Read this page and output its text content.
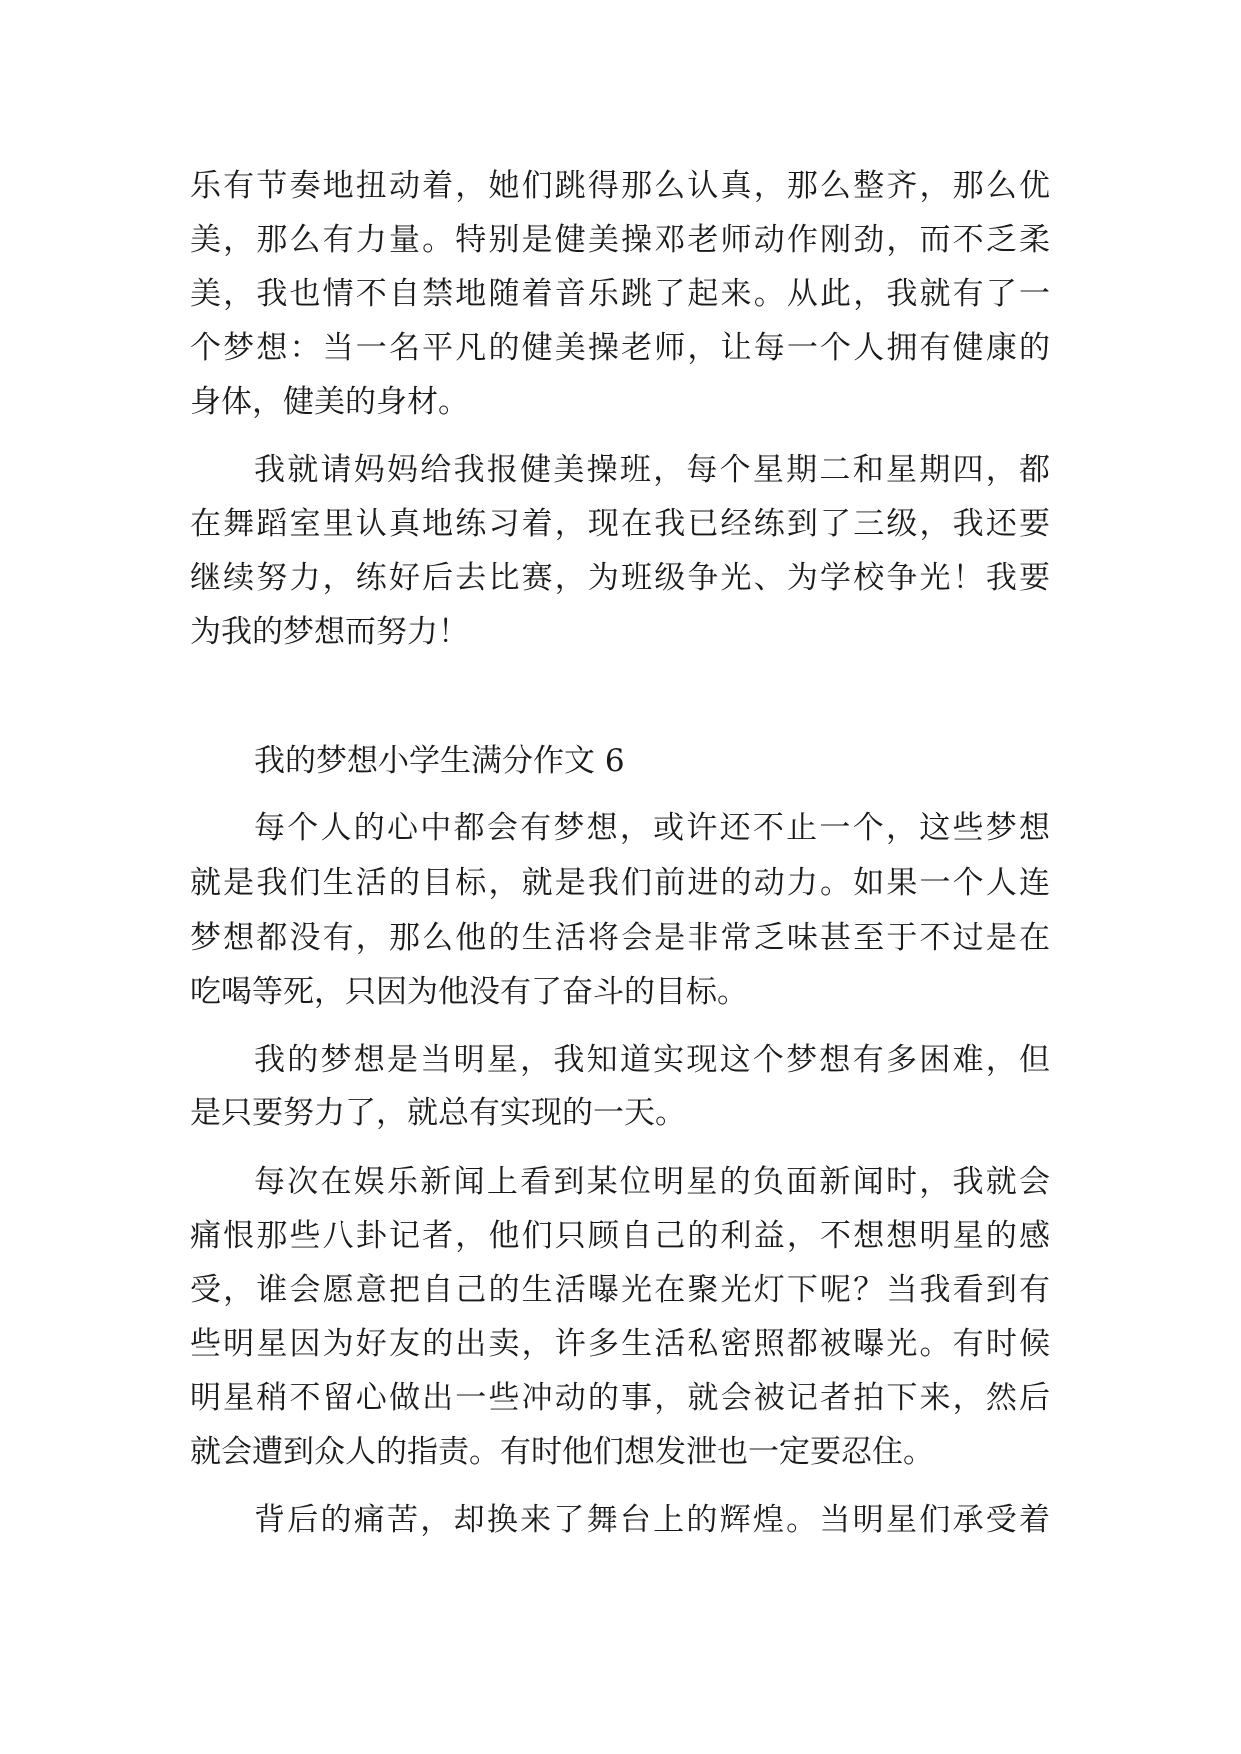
乐有节奏地扭动着，她们跳得那么认真，那么整齐，那么优
美，那么有力量。特别是健美操邓老师动作刚劲，而不乏柔
美，我也情不自禁地随着音乐跳了起来。从此，我就有了一
个梦想：当一名平凡的健美操老师，让每一个人拥有健康的
身体，健美的身材。
我就请妈妈给我报健美操班，每个星期二和星期四，都
在舞蹈室里认真地练习着，现在我已经练到了三级，我还要
继续努力，练好后去比赛，为班级争光、为学校争光！我要
为我的梦想而努力！
我的梦想小学生满分作文 6
每个人的心中都会有梦想，或许还不止一个，这些梦想
就是我们生活的目标，就是我们前进的动力。如果一个人连
梦想都没有，那么他的生活将会是非常乏味甚至于不过是在
吃喝等死，只因为他没有了奋斗的目标。
我的梦想是当明星，我知道实现这个梦想有多困难，但
是只要努力了，就总有实现的一天。
每次在娱乐新闻上看到某位明星的负面新闻时，我就会
痛恨那些八卦记者，他们只顾自己的利益，不想想明星的感
受，谁会愿意把自己的生活曝光在聚光灯下呢？当我看到有
些明星因为好友的出卖，许多生活私密照都被曝光。有时候
明星稍不留心做出一些冲动的事，就会被记者拍下来，然后
就会遭到众人的指责。有时他们想发泄也一定要忍住。
背后的痛苦，却换来了舞台上的辉煌。当明星们承受着
